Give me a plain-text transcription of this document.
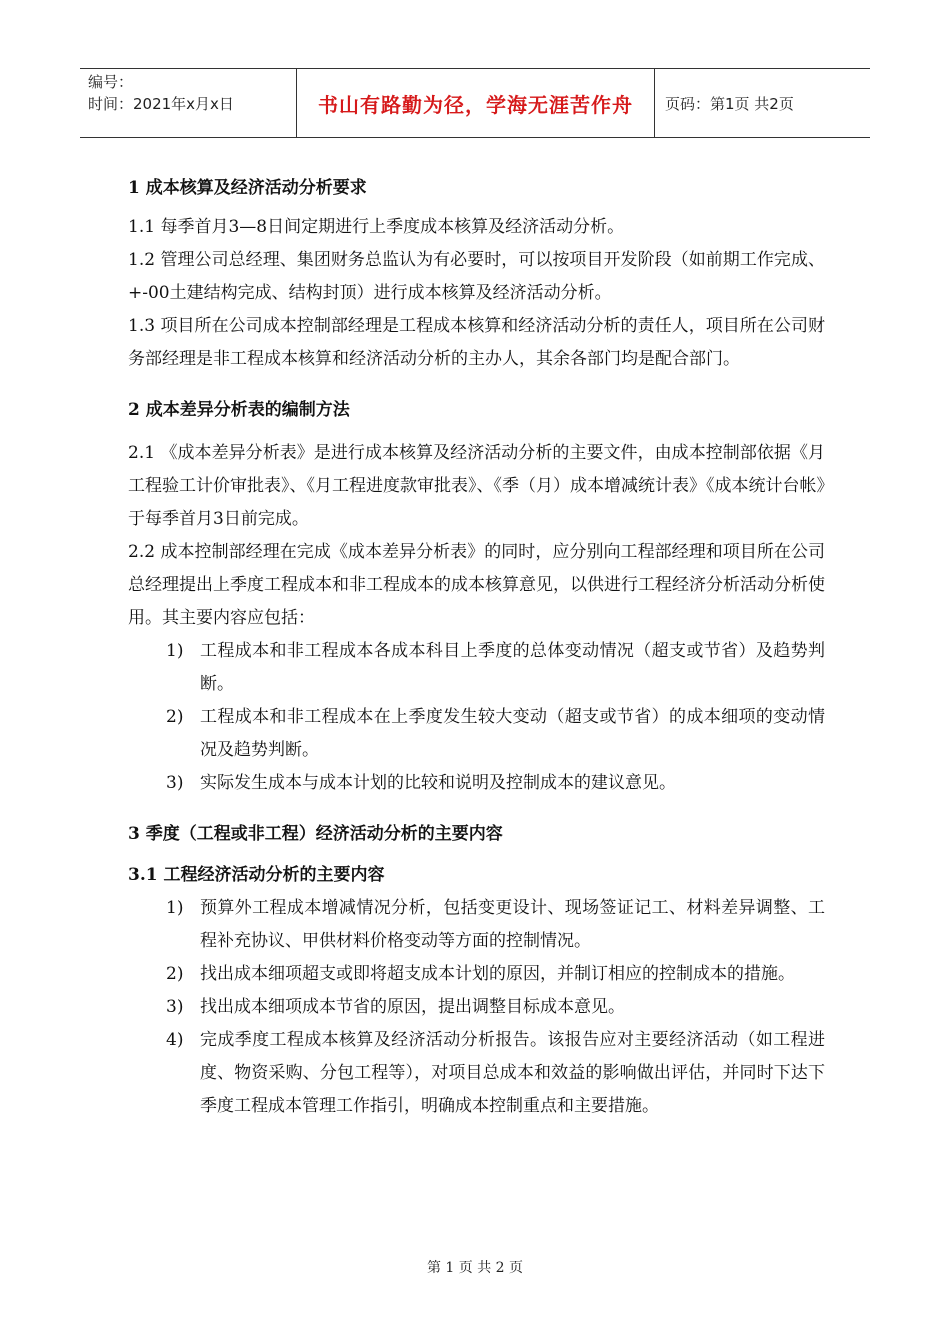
编号：
时间：2021年x月x日	书山有路勤为径，学海无涯苦作舟	页码：第1页 共2页

1 成本核算及经济活动分析要求

1.1 每季首月3—8日间定期进行上季度成本核算及经济活动分析。

1.2 管理公司总经理、集团财务总监认为有必要时，可以按项目开发阶段（如前期工作完成、+-00土建结构完成、结构封顶）进行成本核算及经济活动分析。

1.3 项目所在公司成本控制部经理是工程成本核算和经济活动分析的责任人，项目所在公司财务部经理是非工程成本核算和经济活动分析的主办人，其余各部门均是配合部门。

2 成本差异分析表的编制方法

2.1 《成本差异分析表》是进行成本核算及经济活动分析的主要文件，由成本控制部依据《月工程验工计价审批表》、《月工程进度款审批表》、《季（月）成本增减统计表》《成本统计台帐》于每季首月3日前完成。

2.2 成本控制部经理在完成《成本差异分析表》的同时，应分别向工程部经理和项目所在公司总经理提出上季度工程成本和非工程成本的成本核算意见，以供进行工程经济分析活动分析使用。其主要内容应包括：

1) 工程成本和非工程成本各成本科目上季度的总体变动情况（超支或节省）及趋势判断。
2) 工程成本和非工程成本在上季度发生较大变动（超支或节省）的成本细项的变动情况及趋势判断。
3) 实际发生成本与成本计划的比较和说明及控制成本的建议意见。

3 季度（工程或非工程）经济活动分析的主要内容

3.1 工程经济活动分析的主要内容

1) 预算外工程成本增减情况分析，包括变更设计、现场签证记工、材料差异调整、工程补充协议、甲供材料价格变动等方面的控制情况。
2) 找出成本细项超支或即将超支成本计划的原因，并制订相应的控制成本的措施。
3) 找出成本细项成本节省的原因，提出调整目标成本意见。
4) 完成季度工程成本核算及经济活动分析报告。该报告应对主要经济活动（如工程进度、物资采购、分包工程等），对项目总成本和效益的影响做出评估，并同时下达下季度工程成本管理工作指引，明确成本控制重点和主要措施。
第 1 页 共 2 页
